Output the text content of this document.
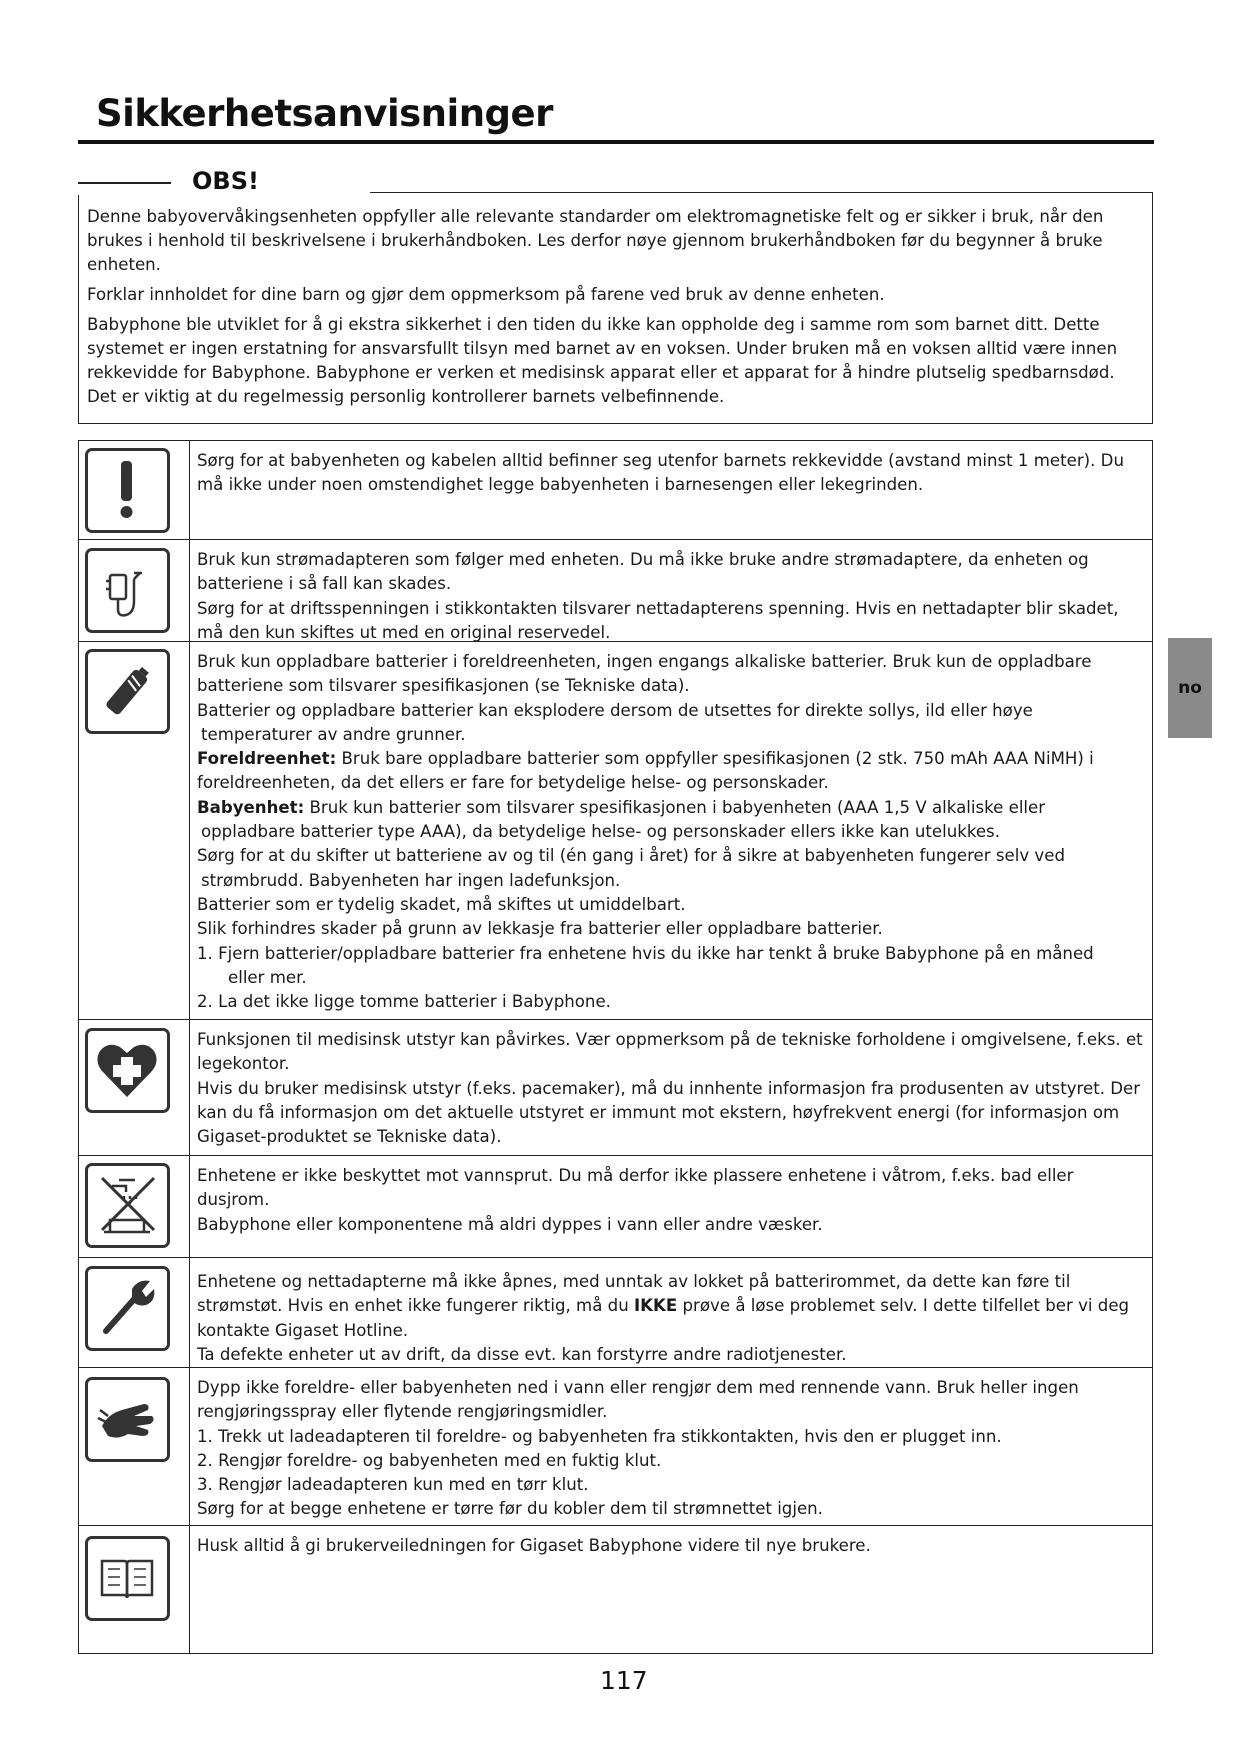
Sikkerhetsanvisninger

Denne babyovervåkingsenheten oppfyller alle relevante standarder om elektromagnetiske felt og er sikker i bruk, når den brukes i henhold til beskrivelsene i brukerhåndboken. Les derfor nøye gjennom brukerhåndboken før du begynner å bruke enheten.

Forklar innholdet for dine barn og gjør dem oppmerksom på farene ved bruk av denne enheten.

Babyphone ble utviklet for å gi ekstra sikkerhet i den tiden du ikke kan oppholde deg i samme rom som barnet ditt. Dette systemet er ingen erstatning for ansvarsfullt tilsyn med barnet av en voksen. Under bruken må en voksen alltid være innen rekkevidde for Babyphone. Babyphone er verken et medisinsk apparat eller et apparat for å hindre plutselig spedbarnsdød. Det er viktig at du regelmessig personlig kontrollerer barnets velbefinnende.

OBS!

Sørg for at babyenheten og kabelen alltid befinner seg utenfor barnets rekkevidde (avstand minst 1 meter). Du må ikke under noen omstendighet legge babyenheten i barnesengen eller lekegrinden.

Bruk kun strømadapteren som følger med enheten. Du må ikke bruke andre strømadaptere, da enheten og batteriene i så fall kan skades.

Sørg for at driftsspenningen i stikkontakten tilsvarer nettadapterens spenning. Hvis en nettadapter blir skadet, må den kun skiftes ut med en original reservedel.

Bruk kun oppladbare batterier i foreldreenheten, ingen engangs alkaliske batterier. Bruk kun de oppladbare batteriene som tilsvarer spesifikasjonen (se Tekniske data).

Batterier og oppladbare batterier kan eksplodere dersom de utsettes for direkte sollys, ild eller høye

temperaturer av andre grunner.

Foreldreenhet: Bruk bare oppladbare batterier som oppfyller spesifikasjonen (2 stk. 750 mAh AAA NiMH) i foreldreenheten, da det ellers er fare for betydelige helse- og personskader.

Babyenhet: Bruk kun batterier som tilsvarer spesifikasjonen i babyenheten (AAA 1,5 V alkaliske eller

oppladbare batterier type AAA), da betydelige helse- og personskader ellers ikke kan utelukkes.

Sørg for at du skifter ut batteriene av og til (én gang i året) for å sikre at babyenheten fungerer selv ved

strømbrudd. Babyenheten har ingen ladefunksjon.

Batterier som er tydelig skadet, må skiftes ut umiddelbart.

Slik forhindres skader på grunn av lekkasje fra batterier eller oppladbare batterier.

1. Fjern batterier/oppladbare batterier fra enhetene hvis du ikke har tenkt å bruke Babyphone på en måned

eller mer.

2. La det ikke ligge tomme batterier i Babyphone.

Funksjonen til medisinsk utstyr kan påvirkes. Vær oppmerksom på de tekniske forholdene i omgivelsene, f.eks. et legekontor.

Hvis du bruker medisinsk utstyr (f.eks. pacemaker), må du innhente informasjon fra produsenten av utstyret. Der kan du få informasjon om det aktuelle utstyret er immunt mot ekstern, høyfrekvent energi (for informasjon om Gigaset-produktet se Tekniske data).

Enhetene er ikke beskyttet mot vannsprut. Du må derfor ikke plassere enhetene i våtrom, f.eks. bad eller dusjrom.

Babyphone eller komponentene må aldri dyppes i vann eller andre væsker.

Enhetene og nettadapterne må ikke åpnes, med unntak av lokket på batterirommet, da dette kan føre til strømstøt. Hvis en enhet ikke fungerer riktig, må du IKKE prøve å løse problemet selv. I dette tilfellet ber vi deg kontakte Gigaset Hotline.

Ta defekte enheter ut av drift, da disse evt. kan forstyrre andre radiotjenester.

Dypp ikke foreldre- eller babyenheten ned i vann eller rengjør dem med rennende vann. Bruk heller ingen rengjøringsspray eller flytende rengjøringsmidler.

1. Trekk ut ladeadapteren til foreldre- og babyenheten fra stikkontakten, hvis den er plugget inn.

2. Rengjør foreldre- og babyenheten med en fuktig klut.

3. Rengjør ladeadapteren kun med en tørr klut.

Sørg for at begge enhetene er tørre før du kobler dem til strømnettet igjen.

Husk alltid å gi brukerveiledningen for Gigaset Babyphone videre til nye brukere.

no
117
